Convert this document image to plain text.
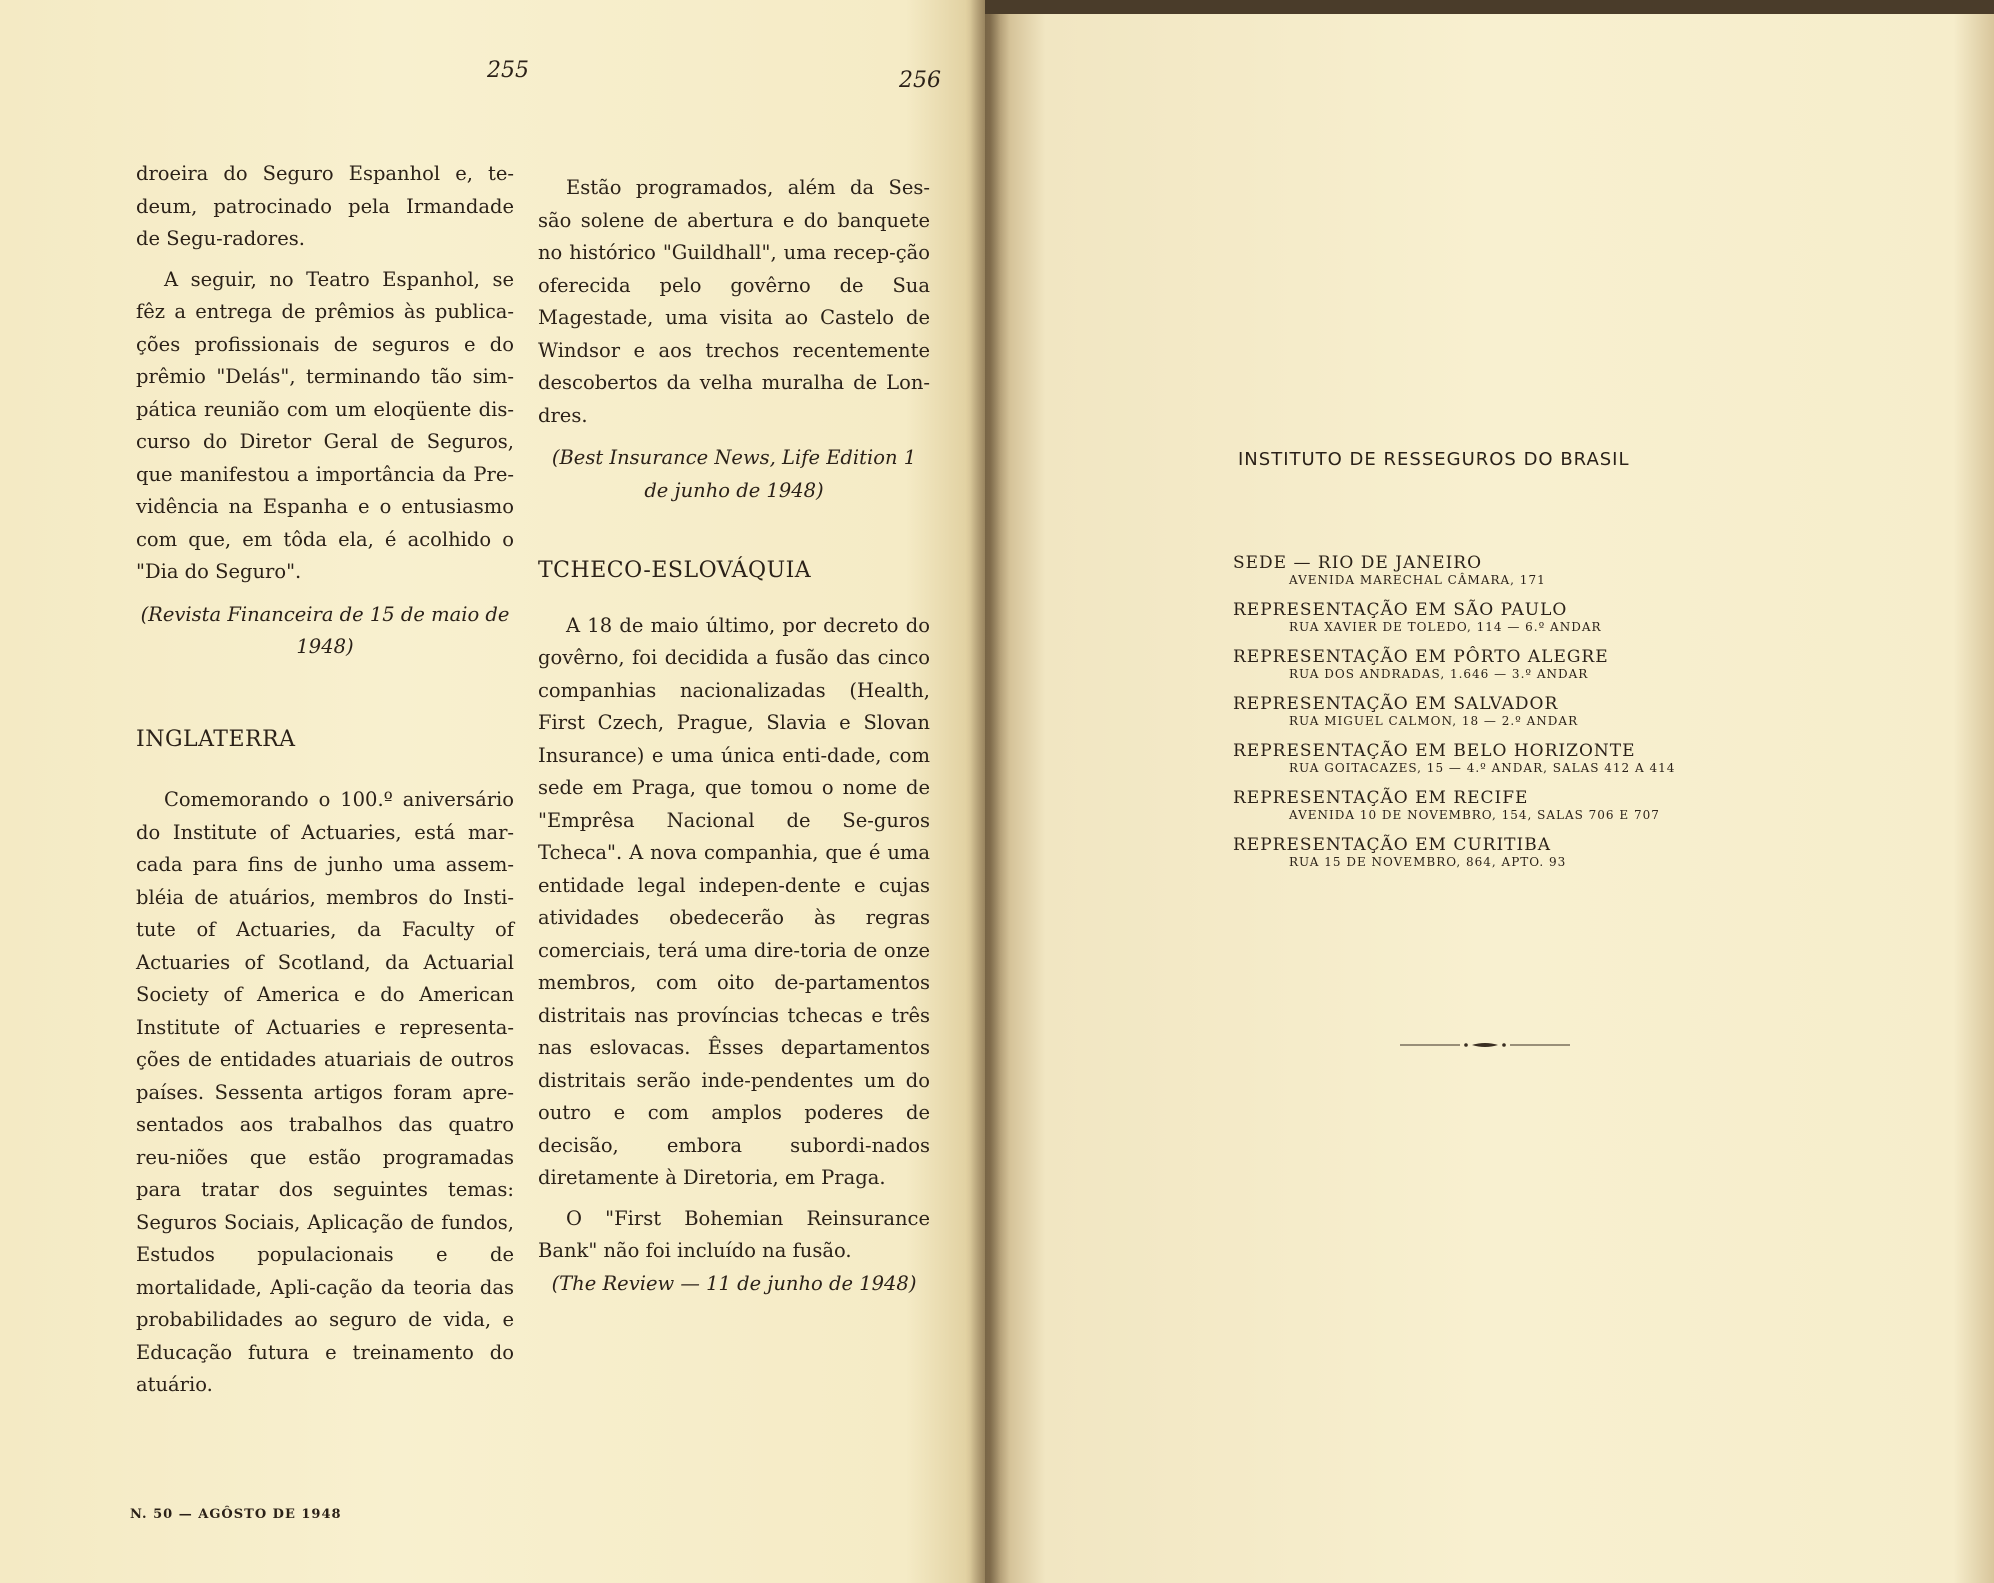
255	256

droeira do Seguro Espanhol e, te-deum, patrocinado pela Irmandade de Segu-radores.

A seguir, no Teatro Espanhol, se fêz a entrega de prêmios às publica-ções profissionais de seguros e do prêmio "Delás", terminando tão sim-pática reunião com um eloqüente dis-curso do Diretor Geral de Seguros, que manifestou a importância da Pre-vidência na Espanha e o entusiasmo com que, em tôda ela, é acolhido o "Dia do Seguro".

(Revista Financeira de 15 de maio de 1948)

INGLATERRA

Comemorando o 100.º aniversário do Institute of Actuaries, está mar-cada para fins de junho uma assem-bléia de atuários, membros do Insti-tute of Actuaries, da Faculty of Actuaries of Scotland, da Actuarial Society of America e do American Institute of Actuaries e representa-ções de entidades atuariais de outros países. Sessenta artigos foram apre-sentados aos trabalhos das quatro reu-niões que estão programadas para tratar dos seguintes temas: Seguros Sociais, Aplicação de fundos, Estudos populacionais e de mortalidade, Apli-cação da teoria das probabilidades ao seguro de vida, e Educação futura e treinamento do atuário.

Estão programados, além da Ses-são solene de abertura e do banquete no histórico "Guildhall", uma recep-ção oferecida pelo govêrno de Sua Magestade, uma visita ao Castelo de Windsor e aos trechos recentemente descobertos da velha muralha de Lon-dres.

(Best Insurance News, Life Edition 1 de junho de 1948)

TCHECO-ESLOVÁQUIA

A 18 de maio último, por decreto do govêrno, foi decidida a fusão das cinco companhias nacionalizadas (Health, First Czech, Prague, Slavia e Slovan Insurance) e uma única enti-dade, com sede em Praga, que tomou o nome de "Emprêsa Nacional de Se-guros Tcheca". A nova companhia, que é uma entidade legal indepen-dente e cujas atividades obedecerão às regras comerciais, terá uma dire-toria de onze membros, com oito de-partamentos distritais nas províncias tchecas e três nas eslovacas. Êsses departamentos distritais serão inde-pendentes um do outro e com amplos poderes de decisão, embora subordi-nados diretamente à Diretoria, em Praga.

O "First Bohemian Reinsurance Bank" não foi incluído na fusão.

(The Review — 11 de junho de 1948)

N. 50 — AGÔSTO DE 1948
INSTITUTO DE RESSEGUROS DO BRASIL
SEDE — RIO DE JANEIRO
AVENIDA MARECHAL CÂMARA, 171
REPRESENTAÇÃO EM SÃO PAULO
RUA XAVIER DE TOLEDO, 114 — 6.º ANDAR
REPRESENTAÇÃO EM PÔRTO ALEGRE
RUA DOS ANDRADAS, 1.646 — 3.º ANDAR
REPRESENTAÇÃO EM SALVADOR
RUA MIGUEL CALMON, 18 — 2.º ANDAR
REPRESENTAÇÃO EM BELO HORIZONTE
RUA GOITACAZES, 15 — 4.º ANDAR, SALAS 412 A 414
REPRESENTAÇÃO EM RECIFE
AVENIDA 10 DE NOVEMBRO, 154, SALAS 706 E 707
REPRESENTAÇÃO EM CURITIBA
RUA 15 DE NOVEMBRO, 864, APTO. 93
